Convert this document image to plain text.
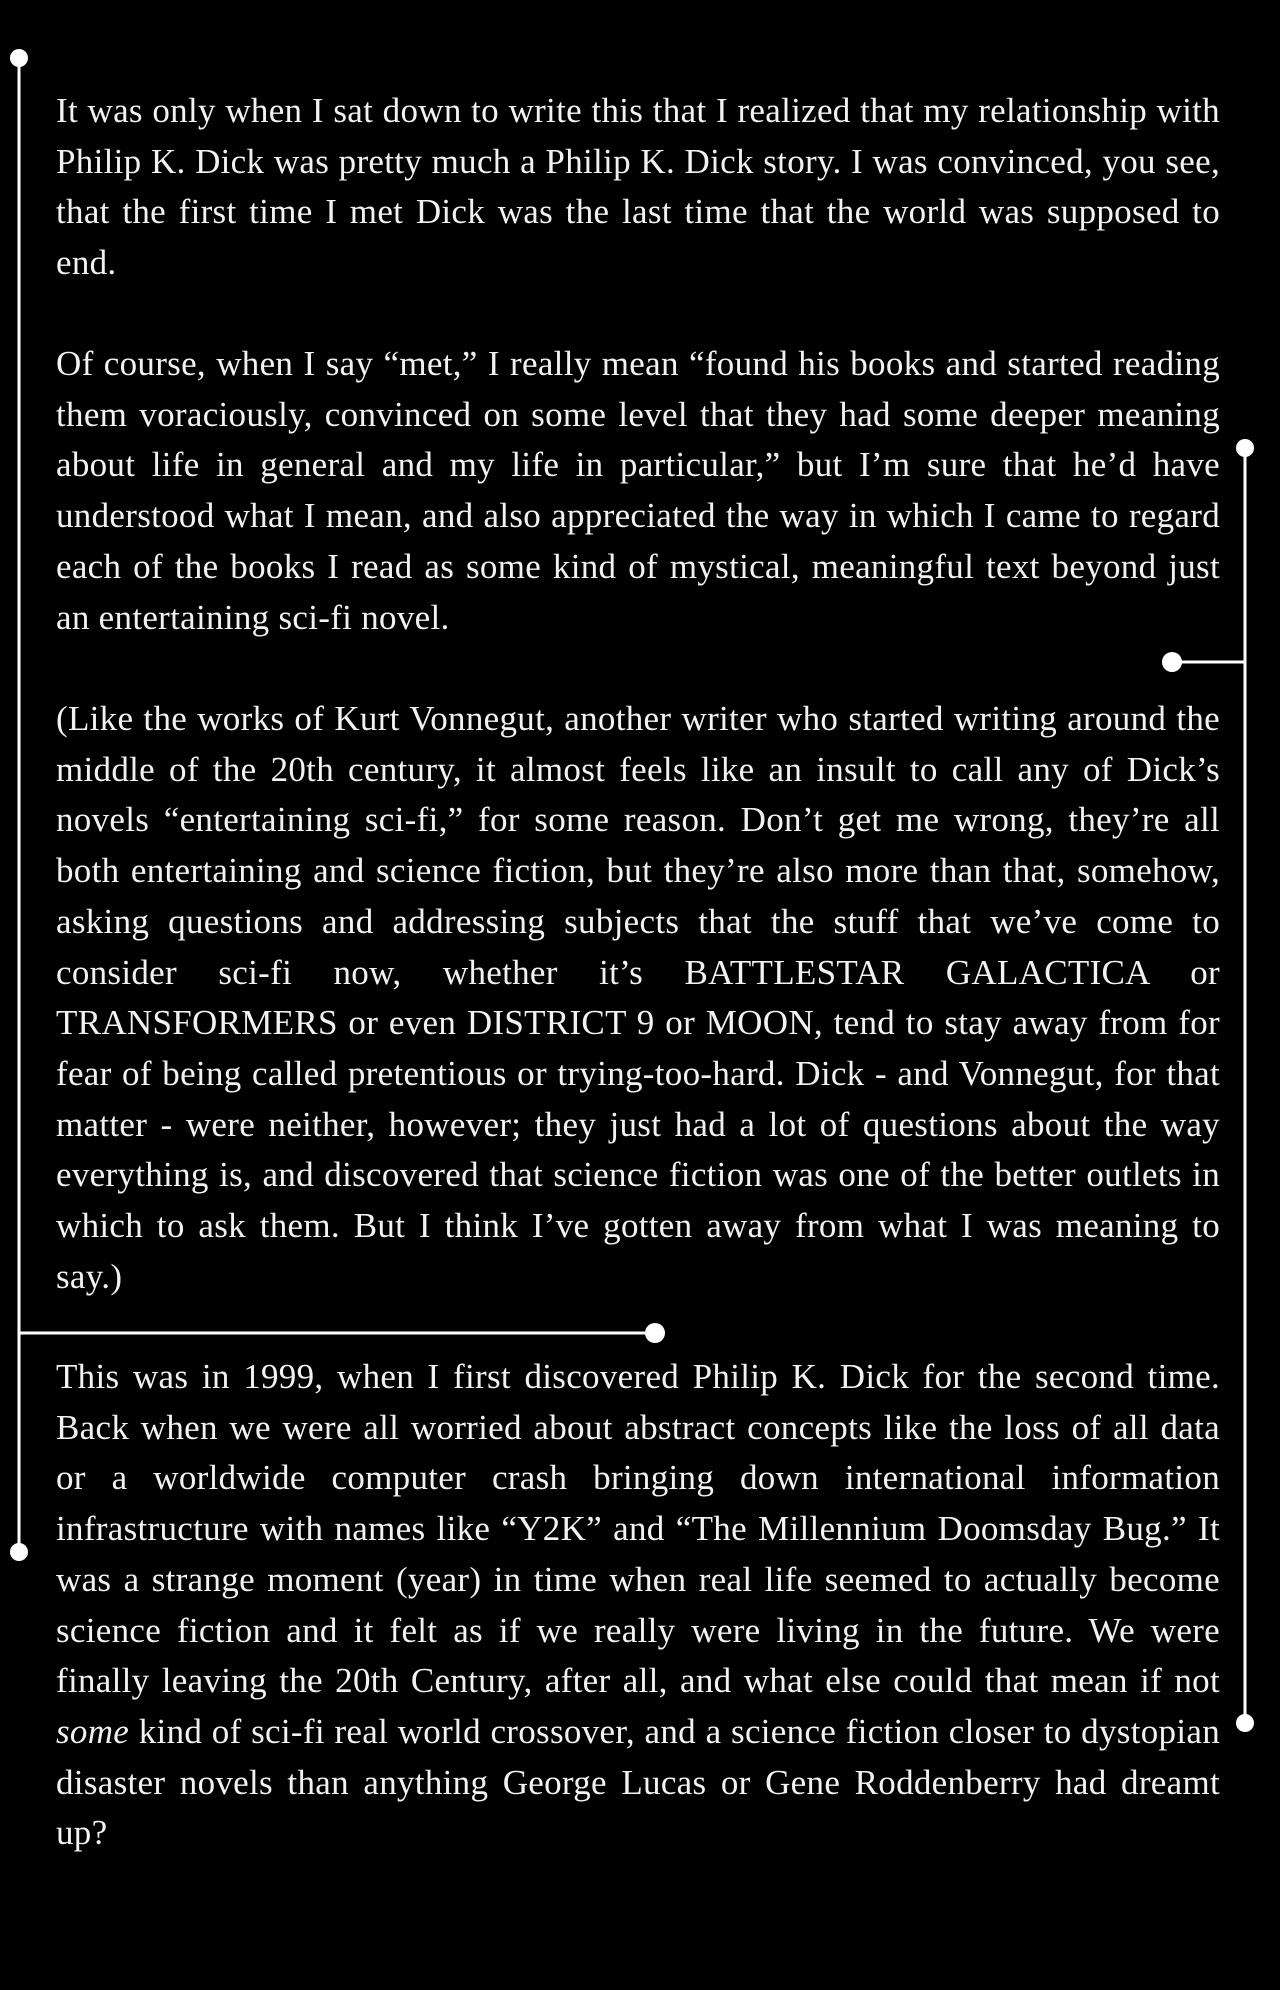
It was only when I sat down to write this that I realized that my relationship with Philip K. Dick was pretty much a Philip K. Dick story. I was convinced, you see, that the first time I met Dick was the last time that the world was supposed to end.

Of course, when I say “met,” I really mean “found his books and started reading them voraciously, convinced on some level that they had some deeper meaning about life in general and my life in particular,” but I’m sure that he’d have understood what I mean, and also appreciated the way in which I came to regard each of the books I read as some kind of mystical, meaningful text beyond just an entertaining sci-fi novel.

(Like the works of Kurt Vonnegut, another writer who started writing around the middle of the 20th century, it almost feels like an insult to call any of Dick’s novels “entertaining sci-fi,” for some reason. Don’t get me wrong, they’re all both entertaining and science fiction, but they’re also more than that, somehow, asking questions and addressing subjects that the stuff that we’ve come to consider sci-fi now, whether it’s BATTLESTAR GALACTICA or TRANSFORMERS or even DISTRICT 9 or MOON, tend to stay away from for fear of being called pretentious or trying-too-hard. Dick - and Vonnegut, for that matter - were neither, however; they just had a lot of questions about the way everything is, and discovered that science fiction was one of the better outlets in which to ask them. But I think I’ve gotten away from what I was meaning to say.)

This was in 1999, when I first discovered Philip K. Dick for the second time. Back when we were all worried about abstract concepts like the loss of all data or a worldwide computer crash bringing down international information infrastructure with names like “Y2K” and “The Millennium Doomsday Bug.” It was a strange moment (year) in time when real life seemed to actually become science fiction and it felt as if we really were living in the future. We were finally leaving the 20th Century, after all, and what else could that mean if not some kind of sci-fi real world crossover, and a science fiction closer to dystopian disaster novels than anything George Lucas or Gene Roddenberry had dreamt up?
